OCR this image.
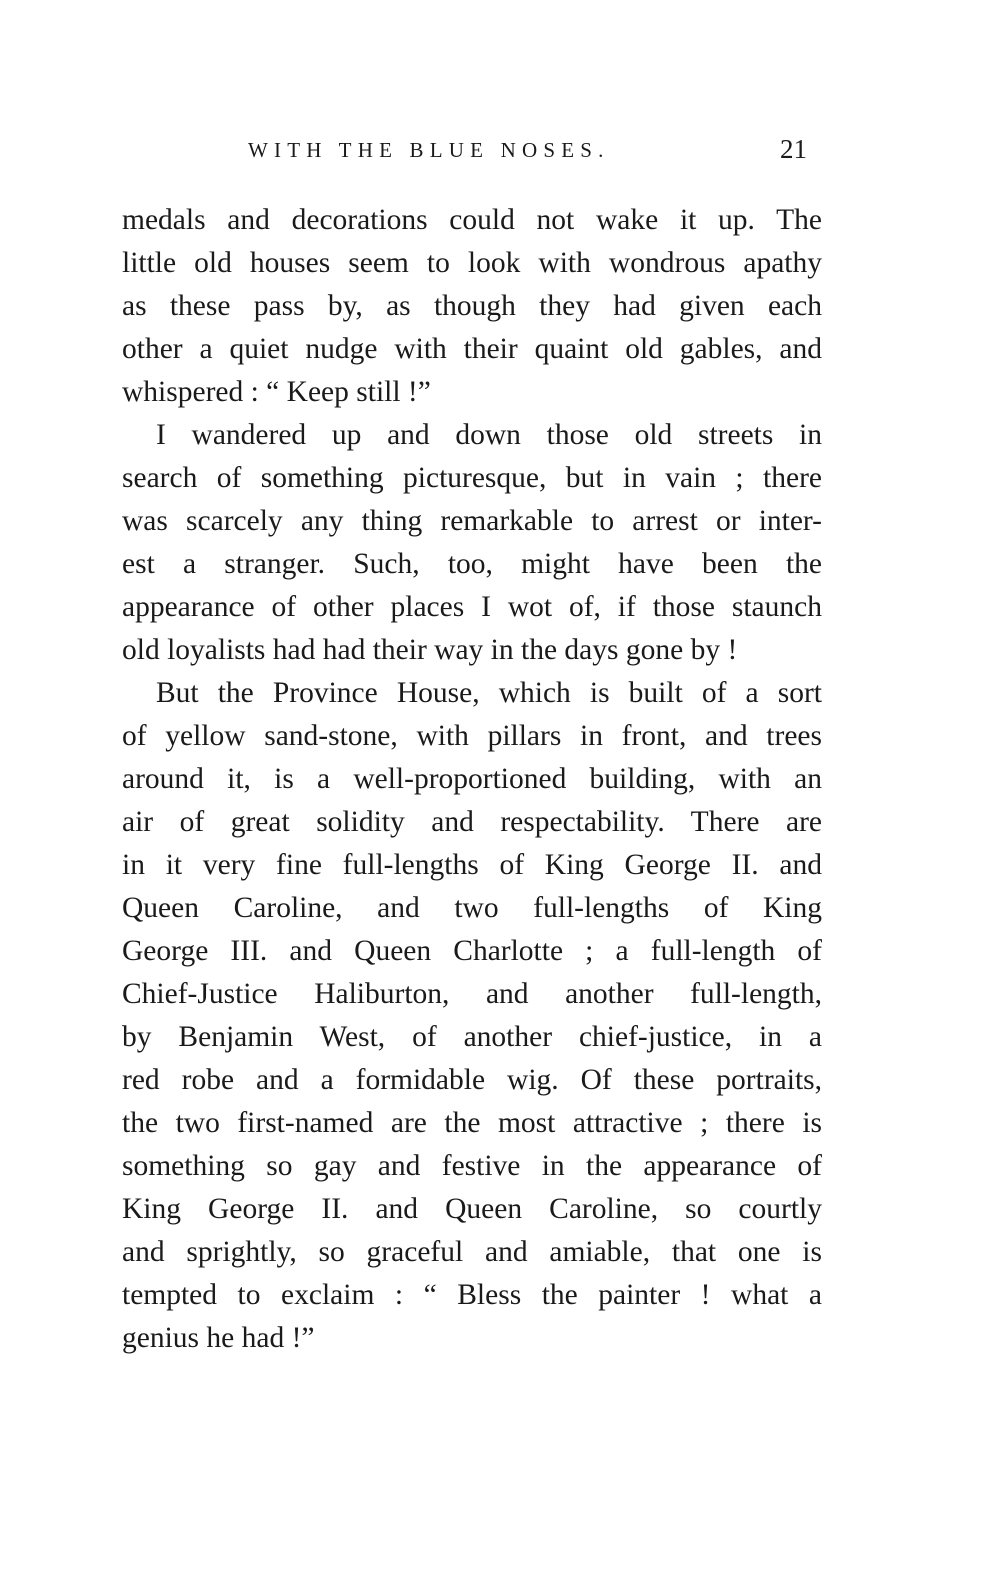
WITH THE BLUE NOSES.	21
medals and decorations could not wake it up. The
little old houses seem to look with wondrous apathy
as these pass by, as though they had given each
other a quiet nudge with their quaint old gables, and
whispered : “ Keep still !”
I wandered up and down those old streets in
search of something picturesque, but in vain ; there
was scarcely any thing remarkable to arrest or inter-
est a stranger. Such, too, might have been the
appearance of other places I wot of, if those staunch
old loyalists had had their way in the days gone by !
But the Province House, which is built of a sort
of yellow sand-stone, with pillars in front, and trees
around it, is a well-proportioned building, with an
air of great solidity and respectability. There are
in it very fine full-lengths of King George II. and
Queen Caroline, and two full-lengths of King
George III. and Queen Charlotte ; a full-length of
Chief-Justice Haliburton, and another full-length,
by Benjamin West, of another chief-justice, in a
red robe and a formidable wig. Of these portraits,
the two first-named are the most attractive ; there is
something so gay and festive in the appearance of
King George II. and Queen Caroline, so courtly
and sprightly, so graceful and amiable, that one is
tempted to exclaim : “ Bless the painter ! what a
genius he had !”
